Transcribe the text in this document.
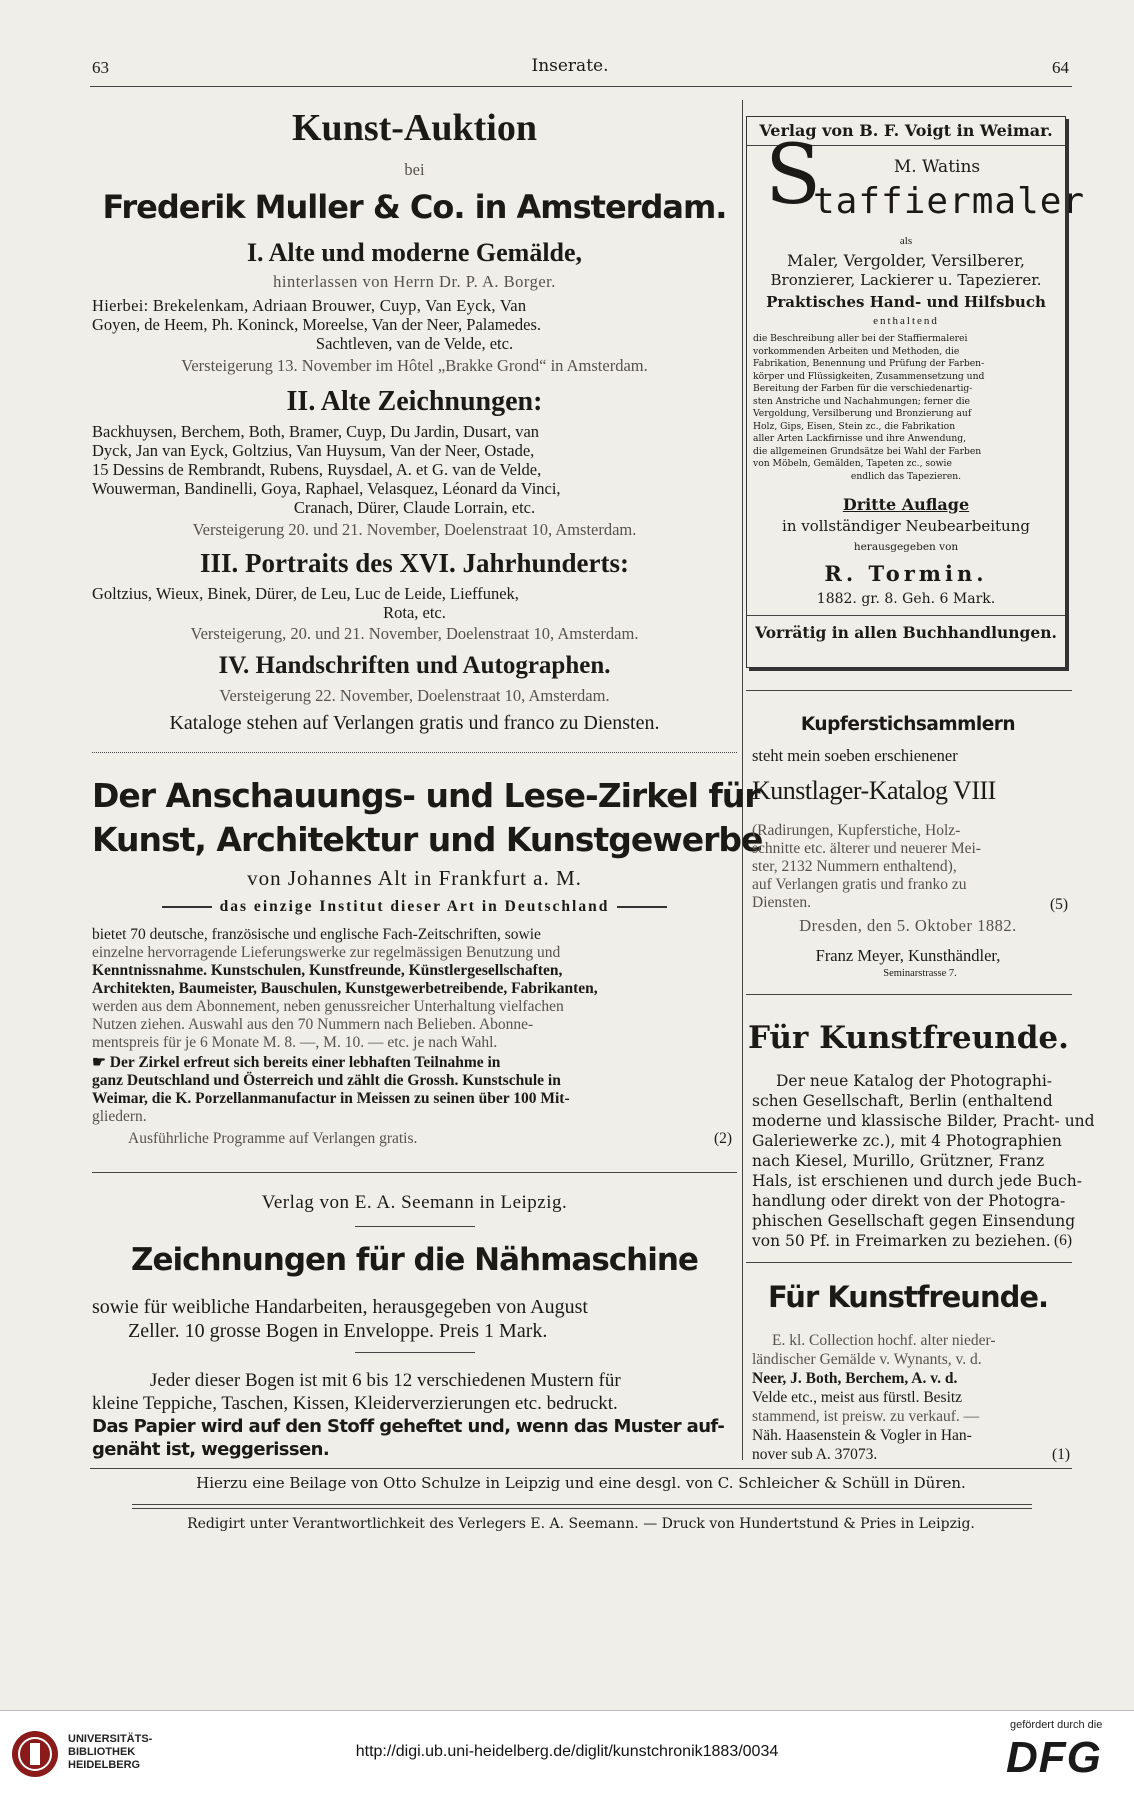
63	Inserate.	64
Kunst-Auktion
bei
Frederik Muller & Co. in Amsterdam.
I. Alte und moderne Gemälde,
hinterlassen von Herrn Dr. P. A. Borger.
Hierbei: Brekelenkam, Adriaan Brouwer, Cuyp, Van Eyck, Van
Goyen, de Heem, Ph. Koninck, Moreelse, Van der Neer, Palamedes.
Sachtleven, van de Velde, etc.
Versteigerung 13. November im Hôtel „Brakke Grond“ in Amsterdam.
II. Alte Zeichnungen:
Backhuysen, Berchem, Both, Bramer, Cuyp, Du Jardin, Dusart, van
Dyck, Jan van Eyck, Goltzius, Van Huysum, Van der Neer, Ostade,
15 Dessins de Rembrandt, Rubens, Ruysdael, A. et G. van de Velde,
Wouwerman, Bandinelli, Goya, Raphael, Velasquez, Léonard da Vinci,
Cranach, Dürer, Claude Lorrain, etc.
Versteigerung 20. und 21. November, Doelenstraat 10, Amsterdam.
III. Portraits des XVI. Jahrhunderts:
Goltzius, Wieux, Binek, Dürer, de Leu, Luc de Leide, Lieffunek,
Rota, etc.
Versteigerung, 20. und 21. November, Doelenstraat 10, Amsterdam.
IV. Handschriften und Autographen.
Versteigerung 22. November, Doelenstraat 10, Amsterdam.
Kataloge stehen auf Verlangen gratis und franco zu Diensten.
Der Anschauungs- und Lese-Zirkel für
Kunst, Architektur und Kunstgewerbe
von Johannes Alt in Frankfurt a. M.
das einzige Institut dieser Art in Deutschland
bietet 70 deutsche, französische und englische Fach-Zeitschriften, sowie
einzelne hervorragende Lieferungswerke zur regelmässigen Benutzung und
Kenntnissnahme. Kunstschulen, Kunstfreunde, Künstlergesellschaften,
Architekten, Baumeister, Bauschulen, Kunstgewerbetreibende, Fabrikanten,
werden aus dem Abonnement, neben genussreicher Unterhaltung vielfachen
Nutzen ziehen. Auswahl aus den 70 Nummern nach Belieben. Abonne-
mentspreis für je 6 Monate M. 8. —, M. 10. — etc. je nach Wahl.
☛ Der Zirkel erfreut sich bereits einer lebhaften Teilnahme in
ganz Deutschland und Österreich und zählt die Grossh. Kunstschule in
Weimar, die K. Porzellanmanufactur in Meissen zu seinen über 100 Mit-
gliedern.
Ausführliche Programme auf Verlangen gratis.	(2)
Verlag von E. A. Seemann in Leipzig.
Zeichnungen für die Nähmaschine
sowie für weibliche Handarbeiten, herausgegeben von August
Zeller. 10 grosse Bogen in Enveloppe. Preis 1 Mark.
Jeder dieser Bogen ist mit 6 bis 12 verschiedenen Mustern für
kleine Teppiche, Taschen, Kissen, Kleiderverzierungen etc. bedruckt.
Das Papier wird auf den Stoff geheftet und, wenn das Muster auf-
genäht ist, weggerissen.
Verlag von B. F. Voigt in Weimar.
S	M. Watins
taffiermaler
als
Maler, Vergolder, Versilberer,
Bronzierer, Lackierer u. Tapezierer.
Praktisches Hand- und Hilfsbuch
enthaltend
die Beschreibung aller bei der Staffiermalerei
vorkommenden Arbeiten und Methoden, die
Fabrikation, Benennung und Prüfung der Farben-
körper und Flüssigkeiten, Zusammensetzung und
Bereitung der Farben für die verschiedenartig-
sten Anstriche und Nachahmungen; ferner die
Vergoldung, Versilberung und Bronzierung auf
Holz, Gips, Eisen, Stein zc., die Fabrikation
aller Arten Lackfirnisse und ihre Anwendung,
die allgemeinen Grundsätze bei Wahl der Farben
von Möbeln, Gemälden, Tapeten zc., sowie
endlich das Tapezieren.
Dritte Auflage
in vollständiger Neubearbeitung
herausgegeben von
R. Tormin.
1882. gr. 8. Geh. 6 Mark.
Vorrätig in allen Buchhandlungen.
Kupferstichsammlern
steht mein soeben erschienener
Kunstlager-Katalog VIII
(Radirungen, Kupferstiche, Holz-
schnitte etc. älterer und neuerer Mei-
ster, 2132 Nummern enthaltend),
auf Verlangen gratis und franko zu
Diensten.	(5)
Dresden, den 5. Oktober 1882.
Franz Meyer, Kunsthändler,
Seminarstrasse 7.
Für Kunstfreunde.
Der neue Katalog der Photographi-
schen Gesellschaft, Berlin (enthaltend
moderne und klassische Bilder, Pracht- und
Galeriewerke zc.), mit 4 Photographien
nach Kiesel, Murillo, Grützner, Franz
Hals, ist erschienen und durch jede Buch-
handlung oder direkt von der Photogra-
phischen Gesellschaft gegen Einsendung
von 50 Pf. in Freimarken zu beziehen. (6)
Für Kunstfreunde.
E. kl. Collection hochf. alter nieder-
ländischer Gemälde v. Wynants, v. d.
Neer, J. Both, Berchem, A. v. d.
Velde etc., meist aus fürstl. Besitz
stammend, ist preisw. zu verkauf. —
Näh. Haasenstein & Vogler in Han-
nover sub A. 37073.	(1)
Hierzu eine Beilage von Otto Schulze in Leipzig und eine desgl. von C. Schleicher & Schüll in Düren.
Redigirt unter Verantwortlichkeit des Verlegers E. A. Seemann. — Druck von Hundertstund & Pries in Leipzig.
UNIVERSITÄTS-
BIBLIOTHEK
HEIDELBERG
http://digi.ub.uni-heidelberg.de/diglit/kunstchronik1883/0034
gefördert durch die
DFG
